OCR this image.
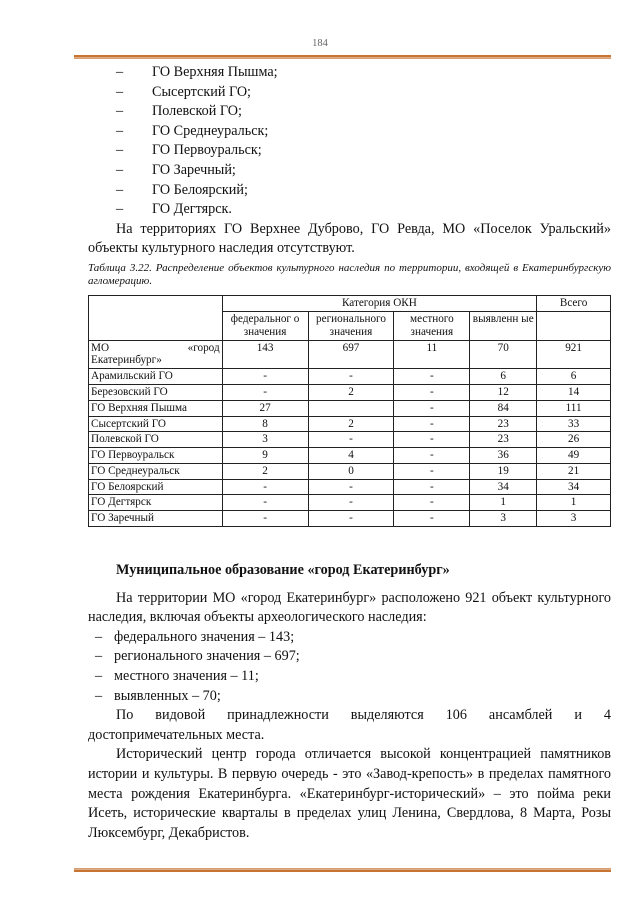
184
– ГО Верхняя Пышма;
– Сысертский ГО;
– Полевской ГО;
– ГО Среднеуральск;
– ГО Первоуральск;
– ГО Заречный;
– ГО Белоярский;
– ГО Дегтярск.

На территориях ГО Верхнее Дуброво, ГО Ревда, МО «Поселок Уральский» объекты культурного наследия отсутствуют.

Таблица 3.22. Распределение объектов культурного наследия по территории, входящей в Екатеринбургскую агломерацию.
	Категория ОКН				Всего
	федеральног о значения	регионального значения	местного значения	выявленн ые	

МО «город
Екатеринбург»	143	697	11	70	921
Арамильский ГО	-	-	-	6	6
Березовский ГО	-	2	-	12	14
ГО Верхняя Пышма	27		-	84	111
Сысертский ГО	8	2	-	23	33
Полевской ГО	3	-	-	23	26
ГО Первоуральск	9	4	-	36	49
ГО Среднеуральск	2	0	-	19	21
ГО Белоярский	-	-	-	34	34
ГО Дегтярск	-	-	-	1	1
ГО Заречный	-	-	-	3	3
Муниципальное образование «город Екатеринбург»

На территории МО «город Екатеринбург» расположено 921 объект культурного наследия, включая объекты археологического наследия:

– федерального значения – 143;
– регионального значения – 697;
– местного значения – 11;
– выявленных – 70;

По видовой принадлежности выделяются 106 ансамблей и 4 достопримечательных места.

Исторический центр города отличается высокой концентрацией памятников истории и культуры. В первую очередь - это «Завод-крепость» в пределах памятного места рождения Екатеринбурга. «Екатеринбург-исторический» – это пойма реки Исеть, исторические кварталы в пределах улиц Ленина, Свердлова, 8 Марта, Розы Люксембург, Декабристов.
